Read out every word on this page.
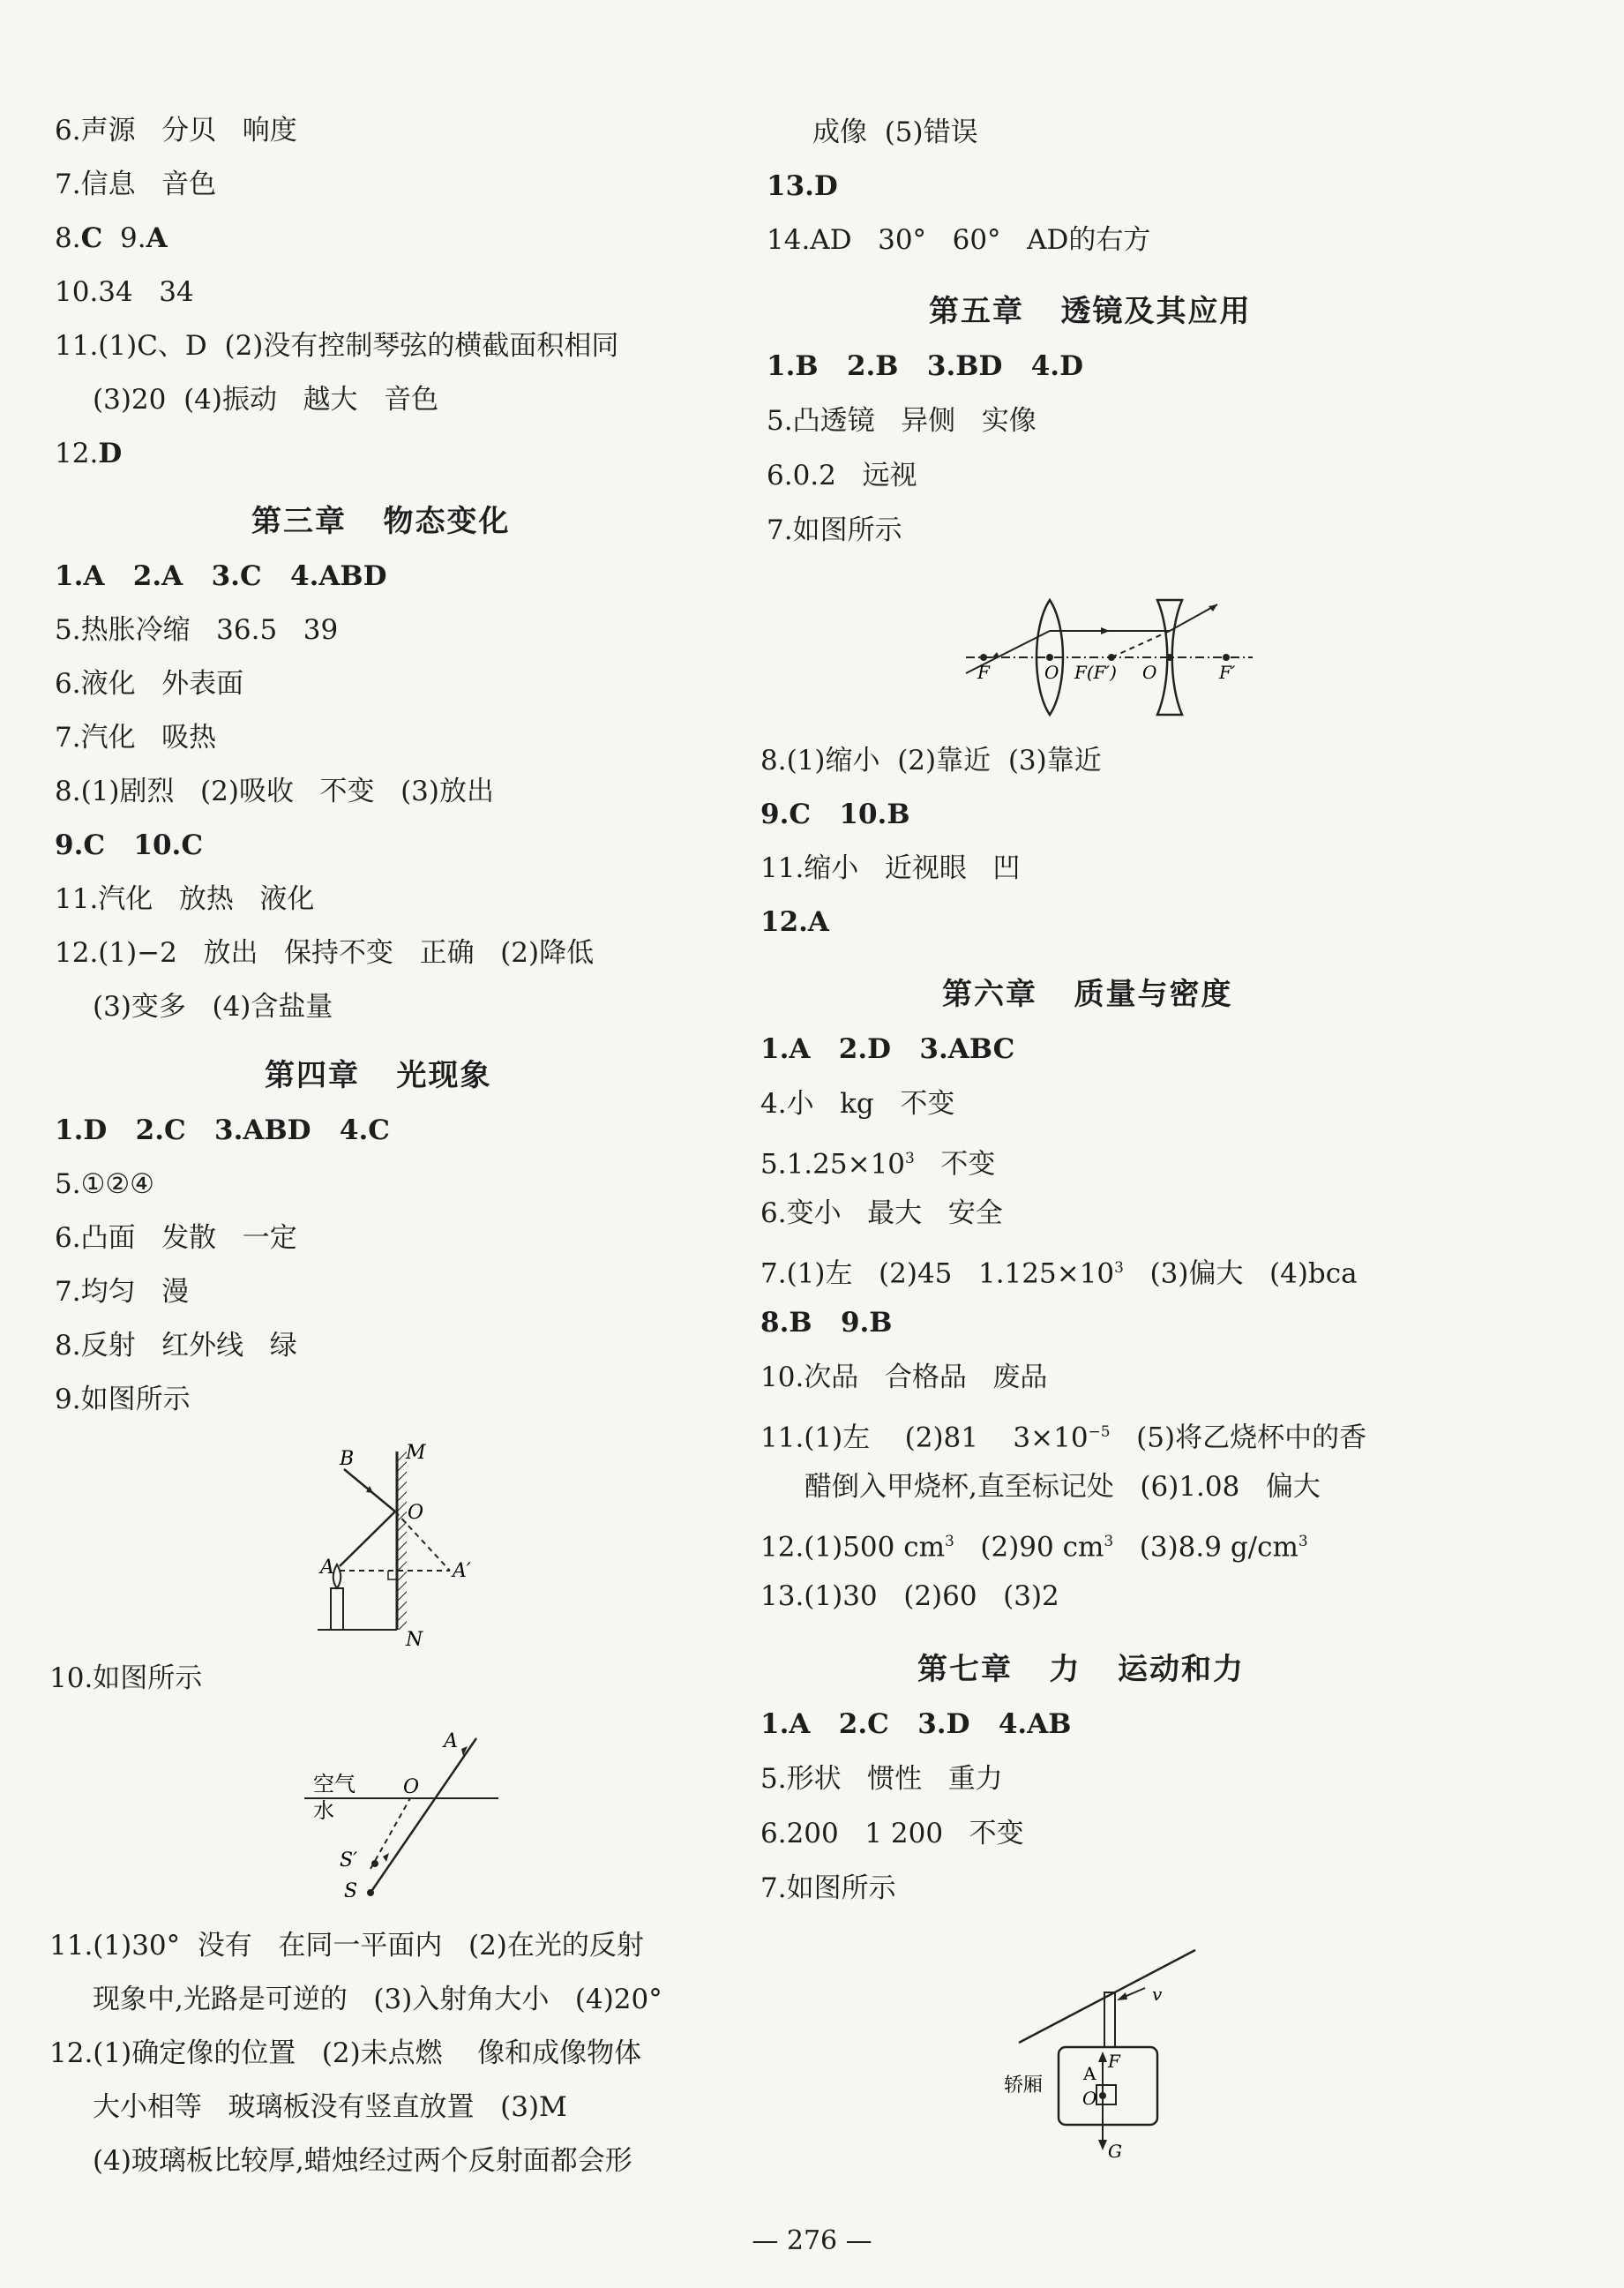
6.声源   分贝   响度
7.信息   音色
8.C  9.A
10.34   34
11.(1)C、D  (2)没有控制琴弦的横截面积相同
(3)20  (4)振动   越大   音色
12.D
第三章   物态变化
1.A   2.A   3.C   4.ABD
5.热胀冷缩   36.5   39
6.液化   外表面
7.汽化   吸热
8.(1)剧烈   (2)吸收   不变   (3)放出
9.C   10.C
11.汽化   放热   液化
12.(1)−2   放出   保持不变   正确   (2)降低
(3)变多   (4)含盐量
第四章   光现象
1.D   2.C   3.ABD   4.C
5.①②④
6.凸面   发散   一定
7.均匀   漫
8.反射   红外线   绿
9.如图所示
B	M
O
A	A′
N
10.如图所示
A
空气
水
O
S′
S
11.(1)30°  没有   在同一平面内   (2)在光的反射
现象中,光路是可逆的   (3)入射角大小   (4)20°
12.(1)确定像的位置   (2)未点燃    像和成像物体
大小相等   玻璃板没有竖直放置   (3)M
(4)玻璃板比较厚,蜡烛经过两个反射面都会形
成像  (5)错误
13.D
14.AD   30°   60°   AD的右方
第五章   透镜及其应用
1.B   2.B   3.BD   4.D
5.凸透镜   异侧   实像
6.0.2   远视
7.如图所示
F	O F(F′) O	F′
8.(1)缩小  (2)靠近  (3)靠近
9.C   10.B
11.缩小   近视眼   凹
12.A
第六章   质量与密度
1.A   2.D   3.ABC
4.小   kg   不变
$5.1.25\times 10^3$   不变
6.变小   最大   安全
7.(1)左   (2)45   $1.125\times 10^3$   (3)偏大   (4)bca
8.B   9.B
10.次品   合格品   废品
11.(1)左    (2)81    $3\times 10^{-5}$   (5)将乙烧杯中的香
醋倒入甲烧杯,直至标记处   (6)1.08   偏大
12.(1)500 $cm^3$   (2)90 $cm^3$   (3)8.9 $g/cm^3$
13.(1)30   (2)60   (3)2
第七章   力   运动和力
1.A   2.C   3.D   4.AB
5.形状   惯性   重力
6.200   1 200   不变
7.如图所示
v
轿厢
A
F
O
G
— 276 —
